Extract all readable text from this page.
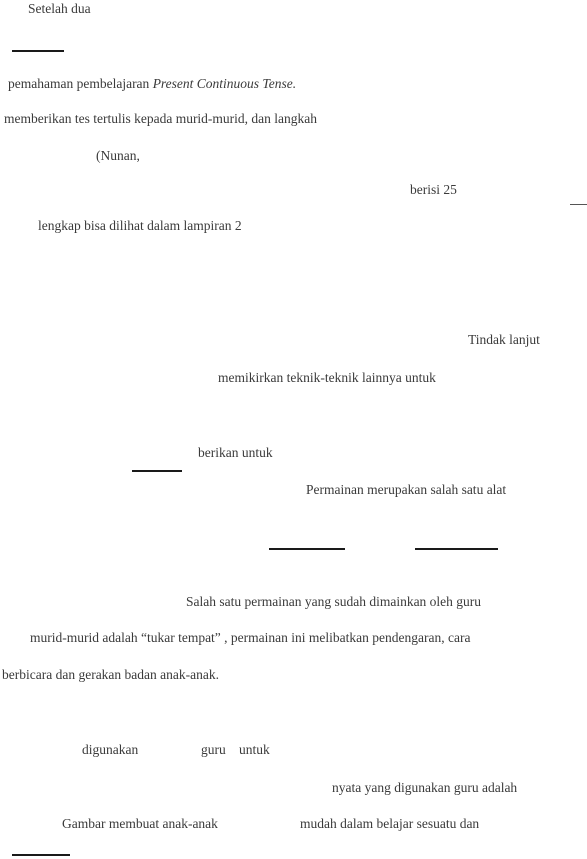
Setelah dua
pemahaman pembelajaran Present Continuous Tense.
memberikan tes tertulis kepada murid-murid, dan langkah
(Nunan,
berisi 25
lengkap bisa dilihat dalam lampiran 2
Tindak lanjut
memikirkan teknik-teknik lainnya untuk
berikan untuk
Permainan merupakan salah satu alat
Salah satu permainan yang sudah dimainkan oleh guru
murid-murid adalah “tukar tempat” , permainan ini melibatkan pendengaran, cara
berbicara dan gerakan badan anak-anak.
digunakan	guru untuk
nyata yang digunakan guru adalah
Gambar membuat anak-anak	mudah dalam belajar sesuatu dan
